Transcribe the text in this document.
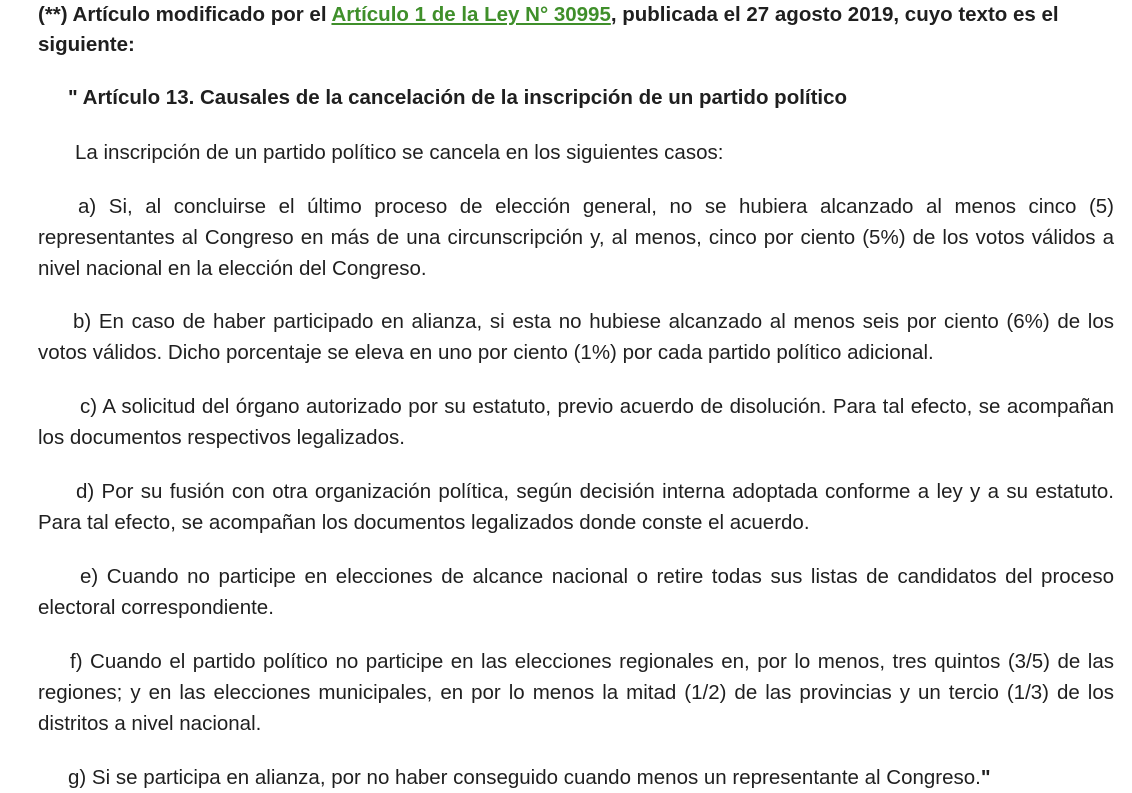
(**) Artículo modificado por el Artículo 1 de la Ley N° 30995, publicada el 27 agosto 2019, cuyo texto es el siguiente:

" Artículo 13. Causales de la cancelación de la inscripción de un partido político

La inscripción de un partido político se cancela en los siguientes casos:

a) Si, al concluirse el último proceso de elección general, no se hubiera alcanzado al menos cinco (5) representantes al Congreso en más de una circunscripción y, al menos, cinco por ciento (5%) de los votos válidos a nivel nacional en la elección del Congreso.

b) En caso de haber participado en alianza, si esta no hubiese alcanzado al menos seis por ciento (6%) de los votos válidos. Dicho porcentaje se eleva en uno por ciento (1%) por cada partido político adicional.

c) A solicitud del órgano autorizado por su estatuto, previo acuerdo de disolución. Para tal efecto, se acompañan los documentos respectivos legalizados.

d) Por su fusión con otra organización política, según decisión interna adoptada conforme a ley y a su estatuto. Para tal efecto, se acompañan los documentos legalizados donde conste el acuerdo.

e) Cuando no participe en elecciones de alcance nacional o retire todas sus listas de candidatos del proceso electoral correspondiente.

f) Cuando el partido político no participe en las elecciones regionales en, por lo menos, tres quintos (3/5) de las regiones; y en las elecciones municipales, en por lo menos la mitad (1/2) de las provincias y un tercio (1/3) de los distritos a nivel nacional.

g) Si se participa en alianza, por no haber conseguido cuando menos un representante al Congreso."
